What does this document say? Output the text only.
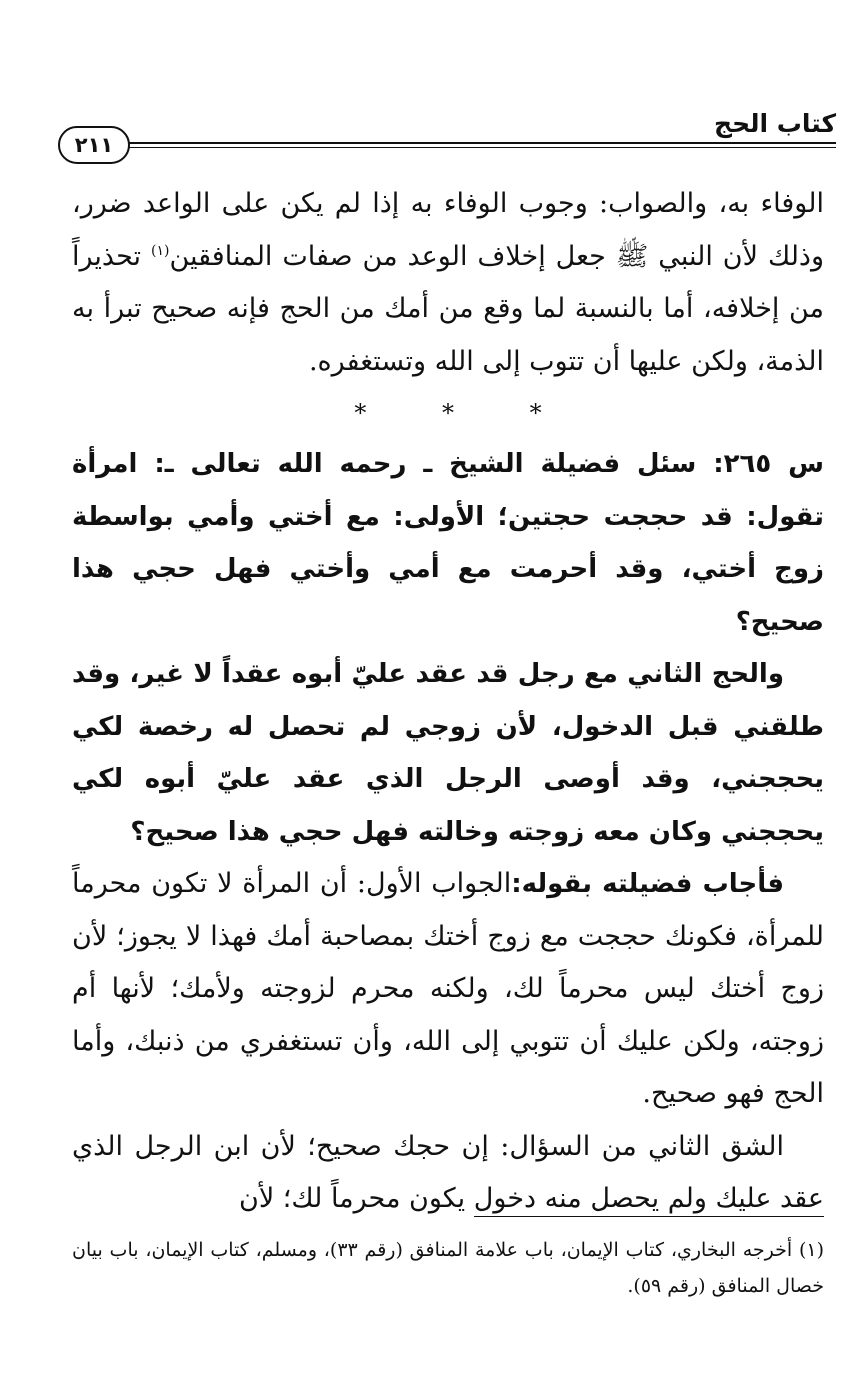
كتاب الحج
٢١١

الوفاء به، والصواب: وجوب الوفاء به إذا لم يكن على الواعد ضرر، وذلك لأن النبي ﷺ جعل إخلاف الوعد من صفات المنافقين$^{(١)}$ تحذيراً من إخلافه، أما بالنسبة لما وقع من أمك من الحج فإنه صحيح تبرأ به الذمة، ولكن عليها أن تتوب إلى الله وتستغفره.

* * *

س ٢٦٥: سئل فضيلة الشيخ ـ رحمه الله تعالى ـ: امرأة تقول: قد حججت حجتين؛ الأولى: مع أختي وأمي بواسطة زوج أختي، وقد أحرمت مع أمي وأختي فهل حجي هذا صحيح؟

والحج الثاني مع رجل قد عقد عليّ أبوه عقداً لا غير، وقد طلقني قبل الدخول، لأن زوجي لم تحصل له رخصة لكي يحججني، وقد أوصى الرجل الذي عقد عليّ أبوه لكي يحججني وكان معه زوجته وخالته فهل حجي هذا صحيح؟

فأجاب فضيلته بقوله:الجواب الأول: أن المرأة لا تكون محرماً للمرأة، فكونك حججت مع زوج أختك بمصاحبة أمك فهذا لا يجوز؛ لأن زوج أختك ليس محرماً لك، ولكنه محرم لزوجته ولأمك؛ لأنها أم زوجته، ولكن عليك أن تتوبي إلى الله، وأن تستغفري من ذنبك، وأما الحج فهو صحيح.

الشق الثاني من السؤال: إن حجك صحيح؛ لأن ابن الرجل الذي عقد عليك ولم يحصل منه دخول يكون محرماً لك؛ لأن

(١) أخرجه البخاري، كتاب الإيمان، باب علامة المنافق (رقم ٣٣)، ومسلم، كتاب الإيمان، باب بيان خصال المنافق (رقم ٥٩).
